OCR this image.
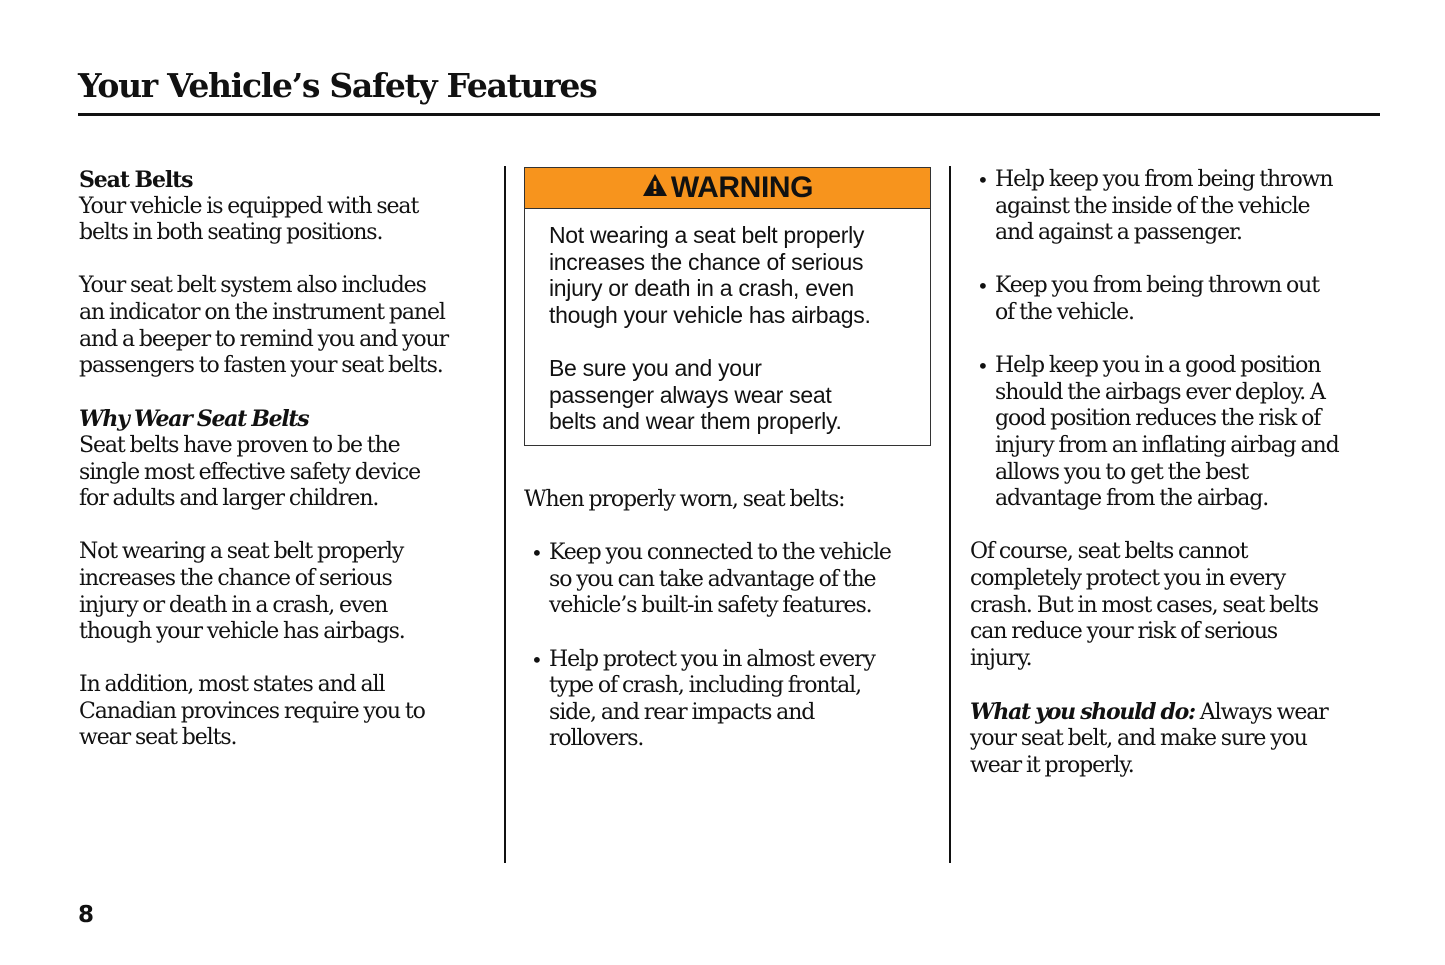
Your Vehicle’s Safety Features

Seat Belts
Your vehicle is equipped with seat
belts in both seating positions.

Your seat belt system also includes
an indicator on the instrument panel
and a beeper to remind you and your
passengers to fasten your seat belts.

Why Wear Seat Belts
Seat belts have proven to be the
single most effective safety device
for adults and larger children.

Not wearing a seat belt properly
increases the chance of serious
injury or death in a crash, even
though your vehicle has airbags.

In addition, most states and all
Canadian provinces require you to
wear seat belts.

WARNING

Not wearing a seat belt properly
increases the chance of serious
injury or death in a crash, even
though your vehicle has airbags.

Be sure you and your
passenger always wear seat
belts and wear them properly.

When properly worn, seat belts:

• Keep you connected to the vehicle
so you can take advantage of the
vehicle’s built-in safety features.
• Help protect you in almost every
type of crash, including frontal,
side, and rear impacts and
rollovers.
• Help keep you from being thrown
against the inside of the vehicle
and against a passenger.
• Keep you from being thrown out
of the vehicle.
• Help keep you in a good position
should the airbags ever deploy. A
good position reduces the risk of
injury from an inflating airbag and
allows you to get the best
advantage from the airbag.

Of course, seat belts cannot
completely protect you in every
crash. But in most cases, seat belts
can reduce your risk of serious
injury.

What you should do: Always wear
your seat belt, and make sure you
wear it properly.

8
